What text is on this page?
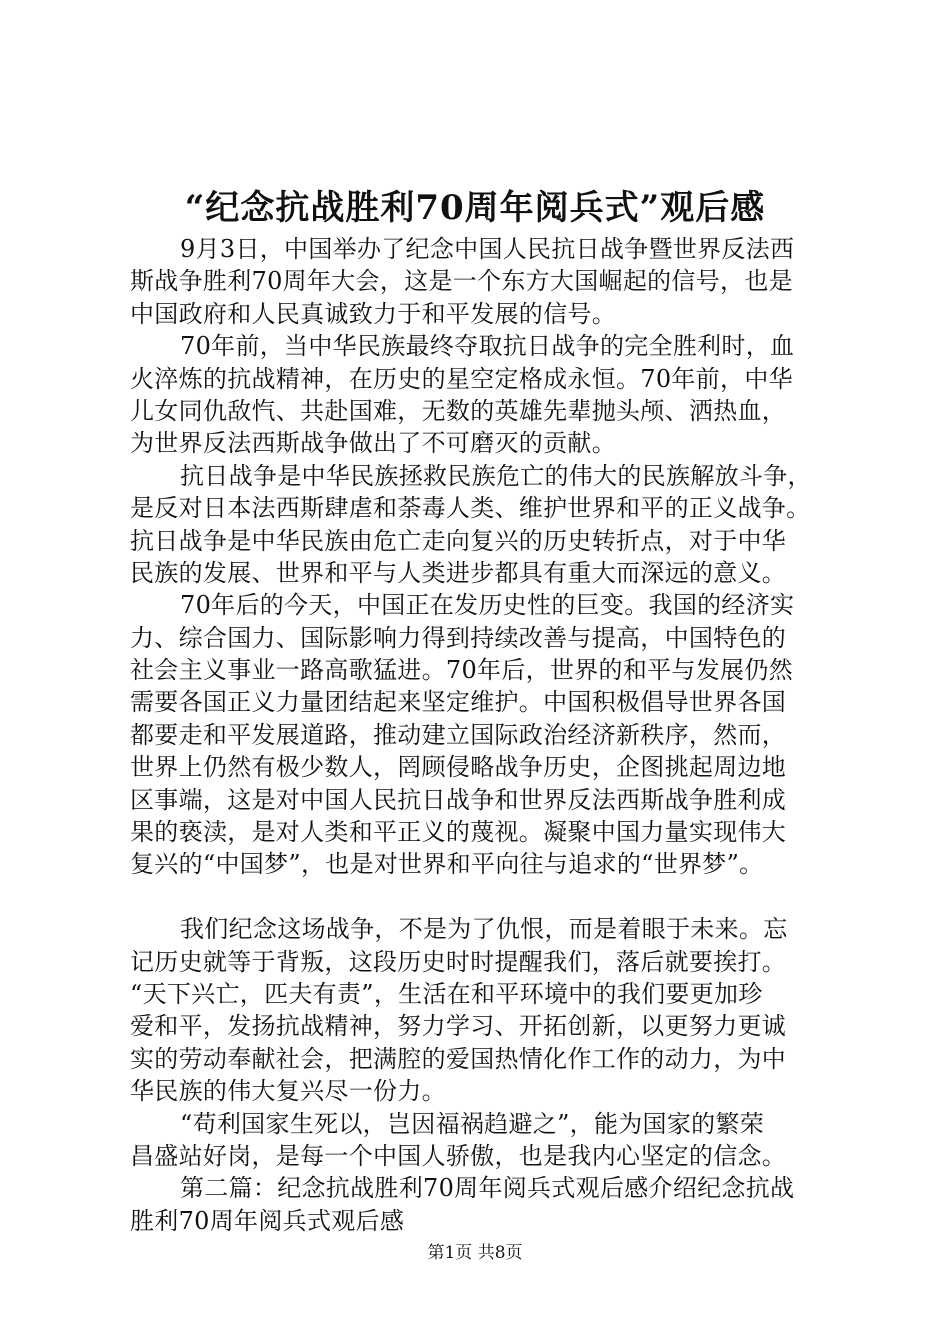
“纪念抗战胜利70周年阅兵式”观后感
9月3日，中国举办了纪念中国人民抗日战争暨世界反法西
斯战争胜利70周年大会，这是一个东方大国崛起的信号，也是
中国政府和人民真诚致力于和平发展的信号。
70年前，当中华民族最终夺取抗日战争的完全胜利时，血
火淬炼的抗战精神，在历史的星空定格成永恒。70年前，中华
儿女同仇敌忾、共赴国难，无数的英雄先辈抛头颅、洒热血，
为世界反法西斯战争做出了不可磨灭的贡献。
抗日战争是中华民族拯救民族危亡的伟大的民族解放斗争，
是反对日本法西斯肆虐和荼毒人类、维护世界和平的正义战争。
抗日战争是中华民族由危亡走向复兴的历史转折点，对于中华
民族的发展、世界和平与人类进步都具有重大而深远的意义。
70年后的今天，中国正在发历史性的巨变。我国的经济实
力、综合国力、国际影响力得到持续改善与提高，中国特色的
社会主义事业一路高歌猛进。70年后，世界的和平与发展仍然
需要各国正义力量团结起来坚定维护。中国积极倡导世界各国
都要走和平发展道路，推动建立国际政治经济新秩序，然而，
世界上仍然有极少数人，罔顾侵略战争历史，企图挑起周边地
区事端，这是对中国人民抗日战争和世界反法西斯战争胜利成
果的亵渎，是对人类和平正义的蔑视。凝聚中国力量实现伟大
复兴的“中国梦”，也是对世界和平向往与追求的“世界梦”。
我们纪念这场战争，不是为了仇恨，而是着眼于未来。忘
记历史就等于背叛，这段历史时时提醒我们，落后就要挨打。
“天下兴亡，匹夫有责”，生活在和平环境中的我们要更加珍
爱和平，发扬抗战精神，努力学习、开拓创新，以更努力更诚
实的劳动奉献社会，把满腔的爱国热情化作工作的动力，为中
华民族的伟大复兴尽一份力。
“苟利国家生死以，岂因福祸趋避之”，能为国家的繁荣
昌盛站好岗，是每一个中国人骄傲，也是我内心坚定的信念。
第二篇：纪念抗战胜利70周年阅兵式观后感介绍纪念抗战
胜利70周年阅兵式观后感
第1页 共8页
